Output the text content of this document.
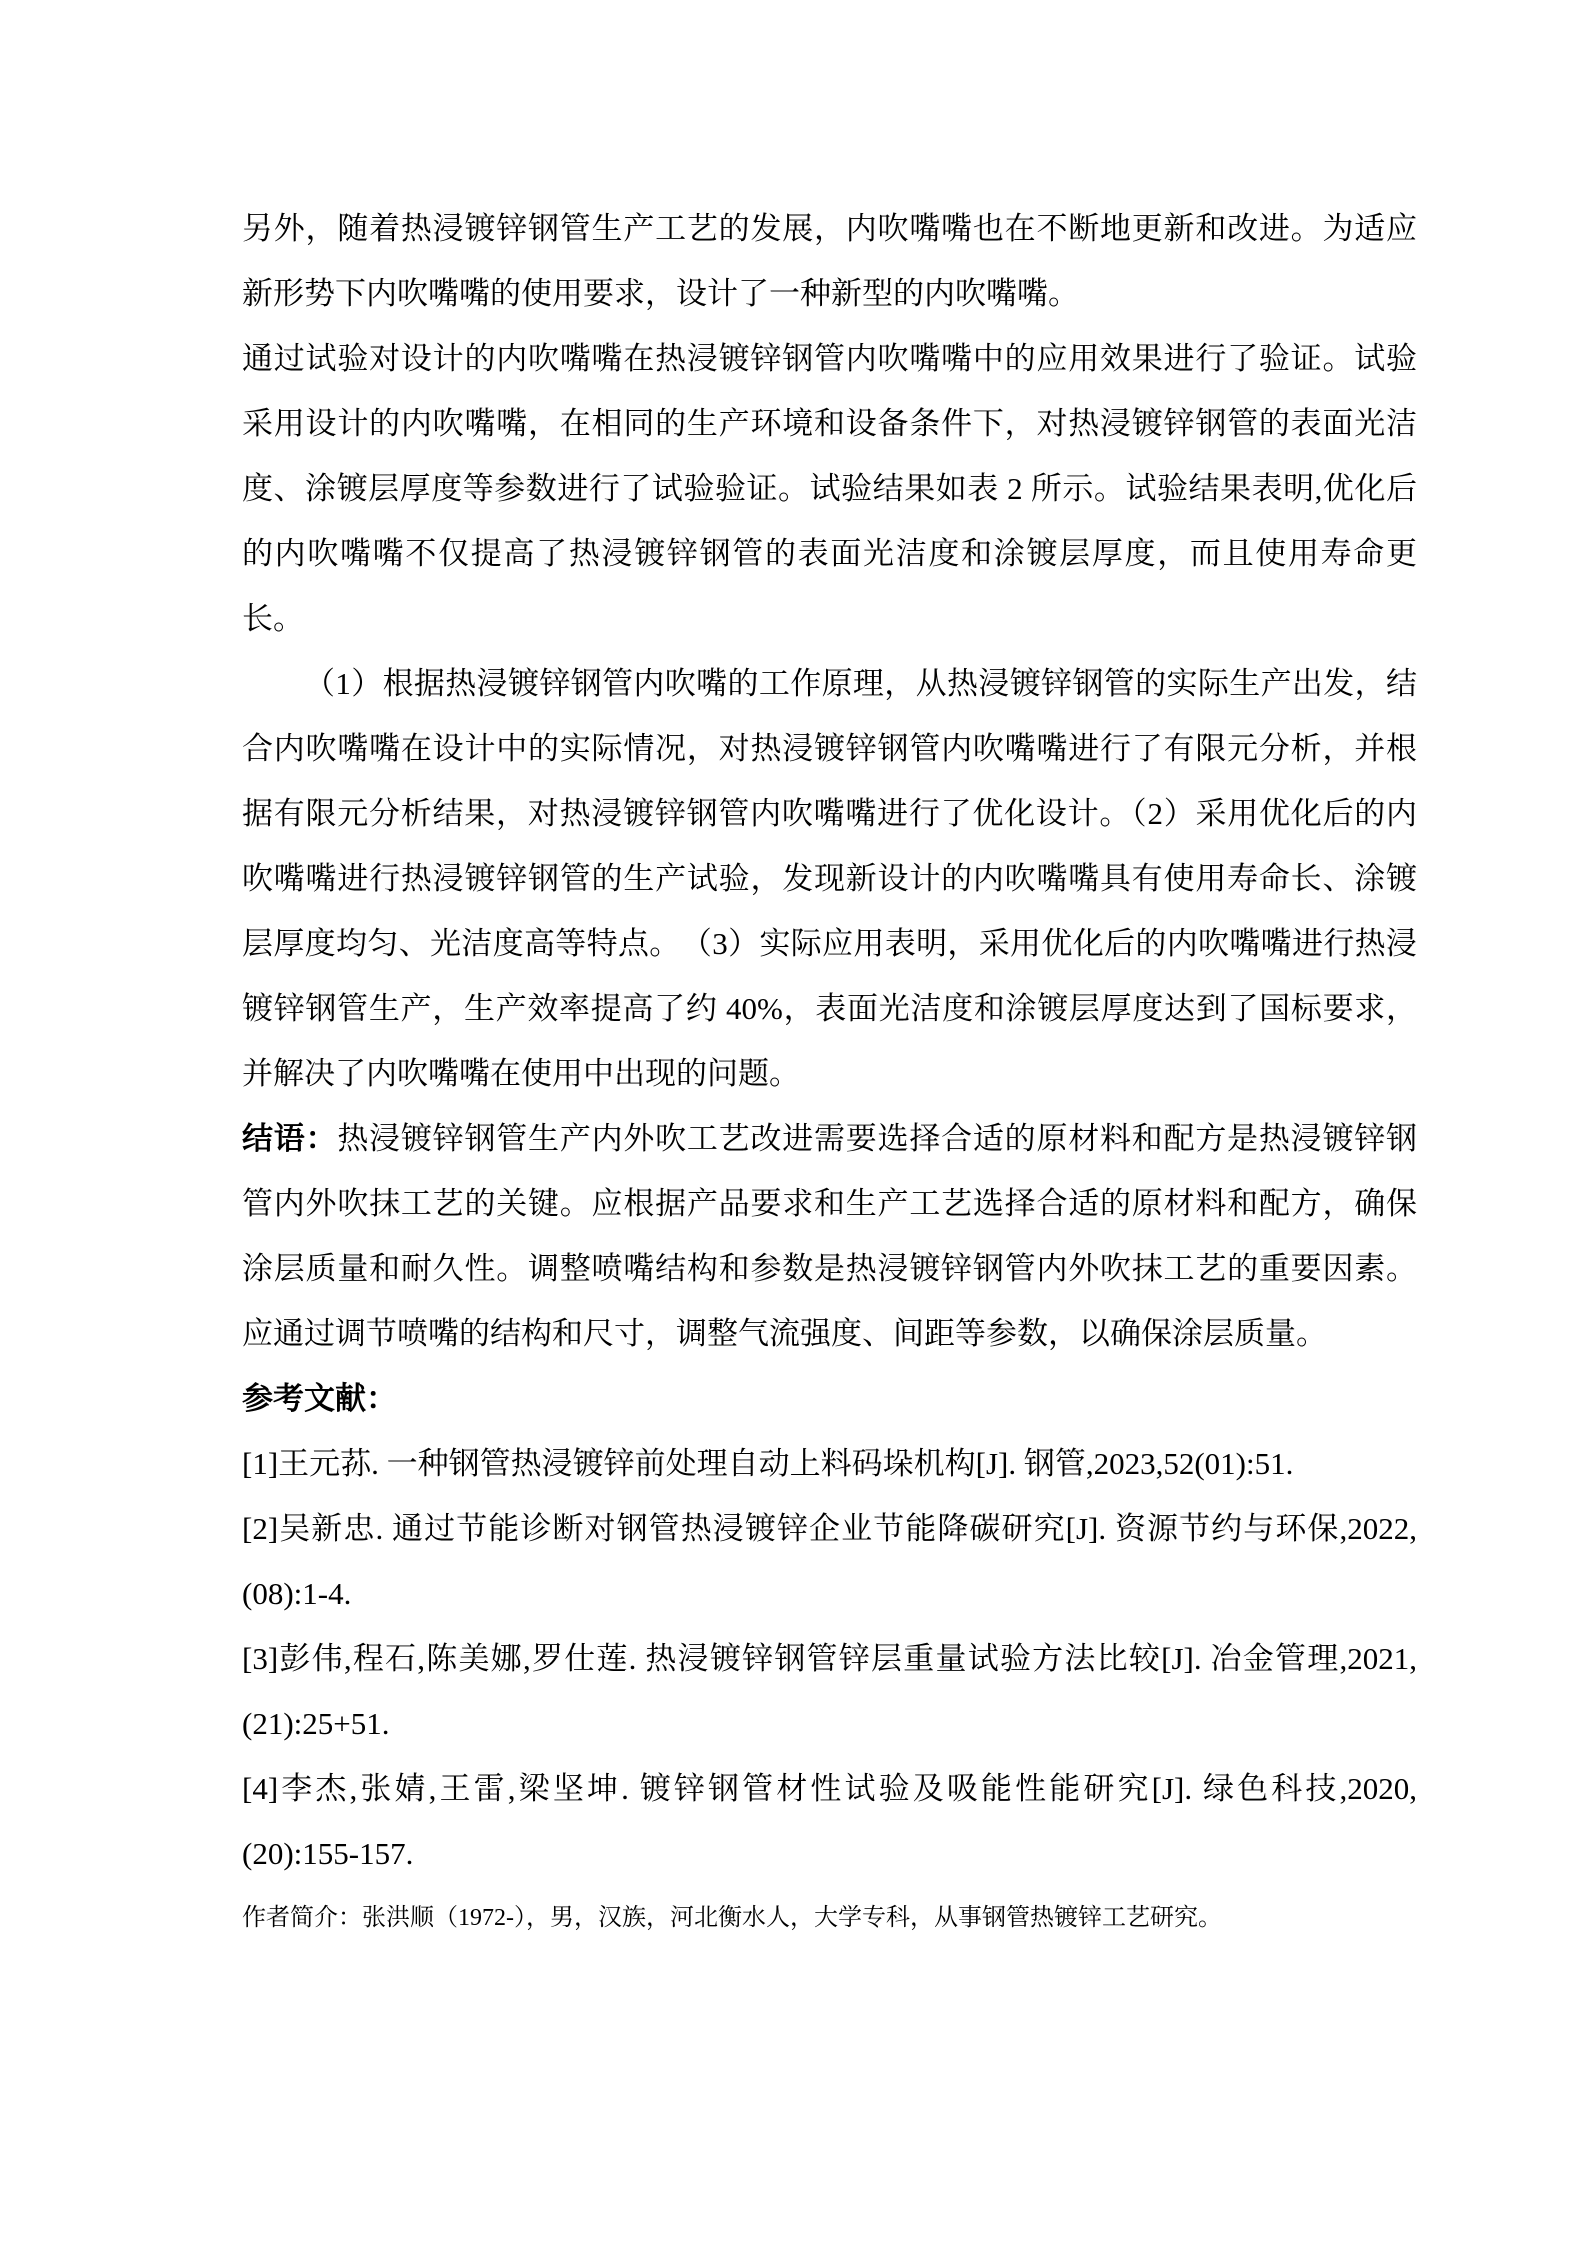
另外，随着热浸镀锌钢管生产工艺的发展，内吹嘴嘴也在不断地更新和改进。为适应新形势下内吹嘴嘴的使用要求，设计了一种新型的内吹嘴嘴。

通过试验对设计的内吹嘴嘴在热浸镀锌钢管内吹嘴嘴中的应用效果进行了验证。试验采用设计的内吹嘴嘴，在相同的生产环境和设备条件下，对热浸镀锌钢管的表面光洁度、涂镀层厚度等参数进行了试验验证。试验结果如表 2 所示。试验结果表明,优化后的内吹嘴嘴不仅提高了热浸镀锌钢管的表面光洁度和涂镀层厚度，而且使用寿命更长。

（1）根据热浸镀锌钢管内吹嘴的工作原理，从热浸镀锌钢管的实际生产出发，结合内吹嘴嘴在设计中的实际情况，对热浸镀锌钢管内吹嘴嘴进行了有限元分析，并根据有限元分析结果，对热浸镀锌钢管内吹嘴嘴进行了优化设计。（2）采用优化后的内吹嘴嘴进行热浸镀锌钢管的生产试验，发现新设计的内吹嘴嘴具有使用寿命长、涂镀层厚度均匀、光洁度高等特点。　（3）实际应用表明，采用优化后的内吹嘴嘴进行热浸镀锌钢管生产，生产效率提高了约 40%，表面光洁度和涂镀层厚度达到了国标要求，并解决了内吹嘴嘴在使用中出现的问题。

结语：热浸镀锌钢管生产内外吹工艺改进需要选择合适的原材料和配方是热浸镀锌钢管内外吹抹工艺的关键。应根据产品要求和生产工艺选择合适的原材料和配方，确保涂层质量和耐久性。调整喷嘴结构和参数是热浸镀锌钢管内外吹抹工艺的重要因素。应通过调节喷嘴的结构和尺寸，调整气流强度、间距等参数，以确保涂层质量。

参考文献：

[1]王元荪. 一种钢管热浸镀锌前处理自动上料码垛机构[J]. 钢管,2023,52(01):51.

[2]吴新忠. 通过节能诊断对钢管热浸镀锌企业节能降碳研究[J]. 资源节约与环保,2022,(08):1-4.

[3]彭伟,程石,陈美娜,罗仕莲. 热浸镀锌钢管锌层重量试验方法比较[J]. 冶金管理,2021,(21):25+51.

[4]李杰,张婧,王雷,梁坚坤. 镀锌钢管材性试验及吸能性能研究[J]. 绿色科技,2020,(20):155-157.

作者简介：张洪顺（1972-），男，汉族，河北衡水人，大学专科，从事钢管热镀锌工艺研究。
